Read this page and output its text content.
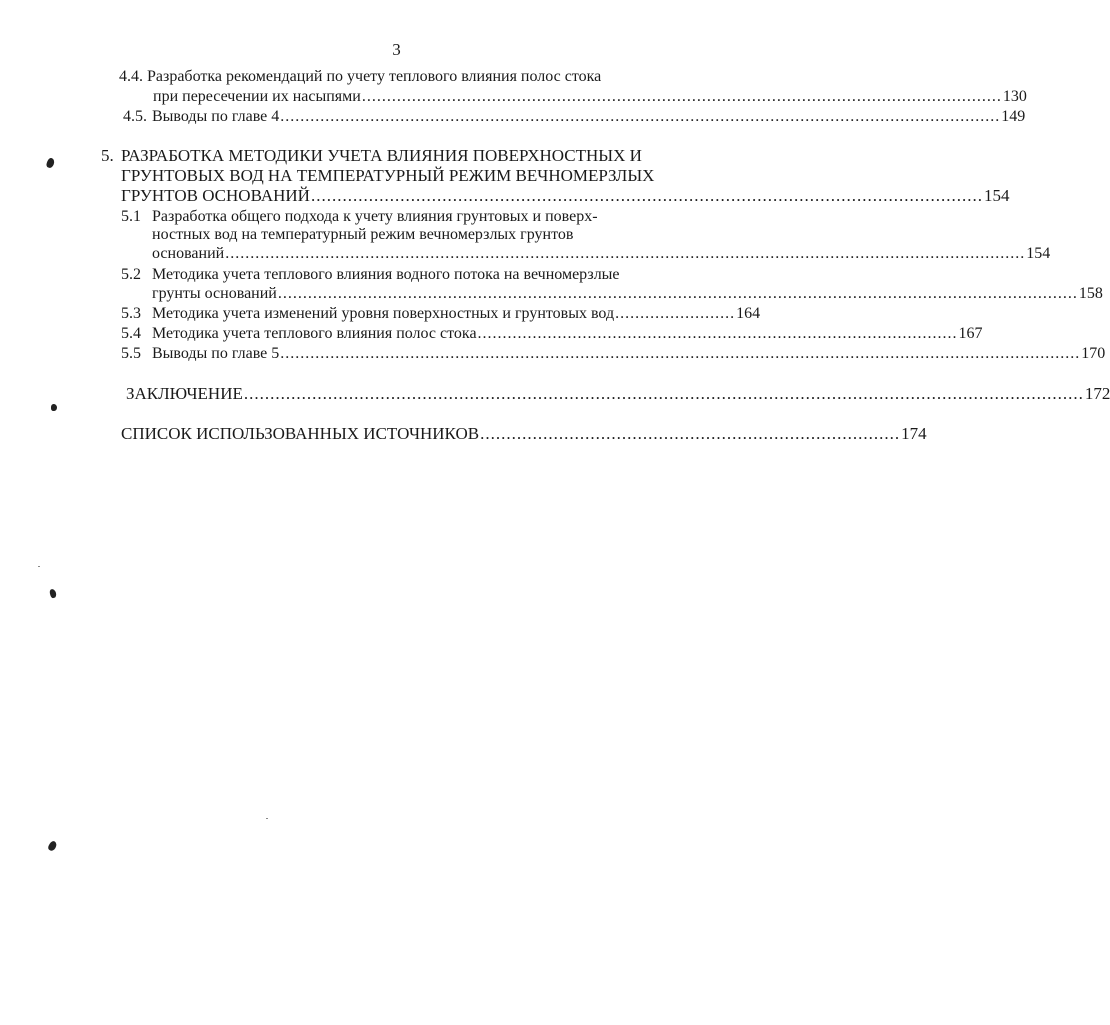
3
4.4. Разработка рекомендаций по учету теплового влияния полос стока
при пересечении их насыпями ................................................................................................................................ 130
4.5. Выводы по главе 4 ................................................................................................................................................ 149
5. РАЗРАБОТКА МЕТОДИКИ УЧЕТА ВЛИЯНИЯ ПОВЕРХНОСТНЫХ И
ГРУНТОВЫХ ВОД НА ТЕМПЕРАТУРНЫЙ РЕЖИМ ВЕЧНОМЕРЗЛЫХ
ГРУНТОВ ОСНОВАНИЙ ................................................................................................................................ 154
5.1 Разработка общего подхода к учету влияния грунтовых и поверх-
ностных вод на температурный режим вечномерзлых грунтов
оснований ................................................................................................................................................................ 154
5.2 Методика учета теплового влияния водного потока на вечномерзлые
грунты оснований ................................................................................................................................................................ 158
5.3 Методика учета изменений уровня поверхностных и грунтовых вод ........................ 164
5.4 Методика учета теплового влияния полос стока ................................................................................................ 167
5.5 Выводы по главе 5 ................................................................................................................................................................ 170
ЗАКЛЮЧЕНИЕ ................................................................................................................................................................ 172
СПИСОК ИСПОЛЬЗОВАННЫХ ИСТОЧНИКОВ ................................................................................ 174
